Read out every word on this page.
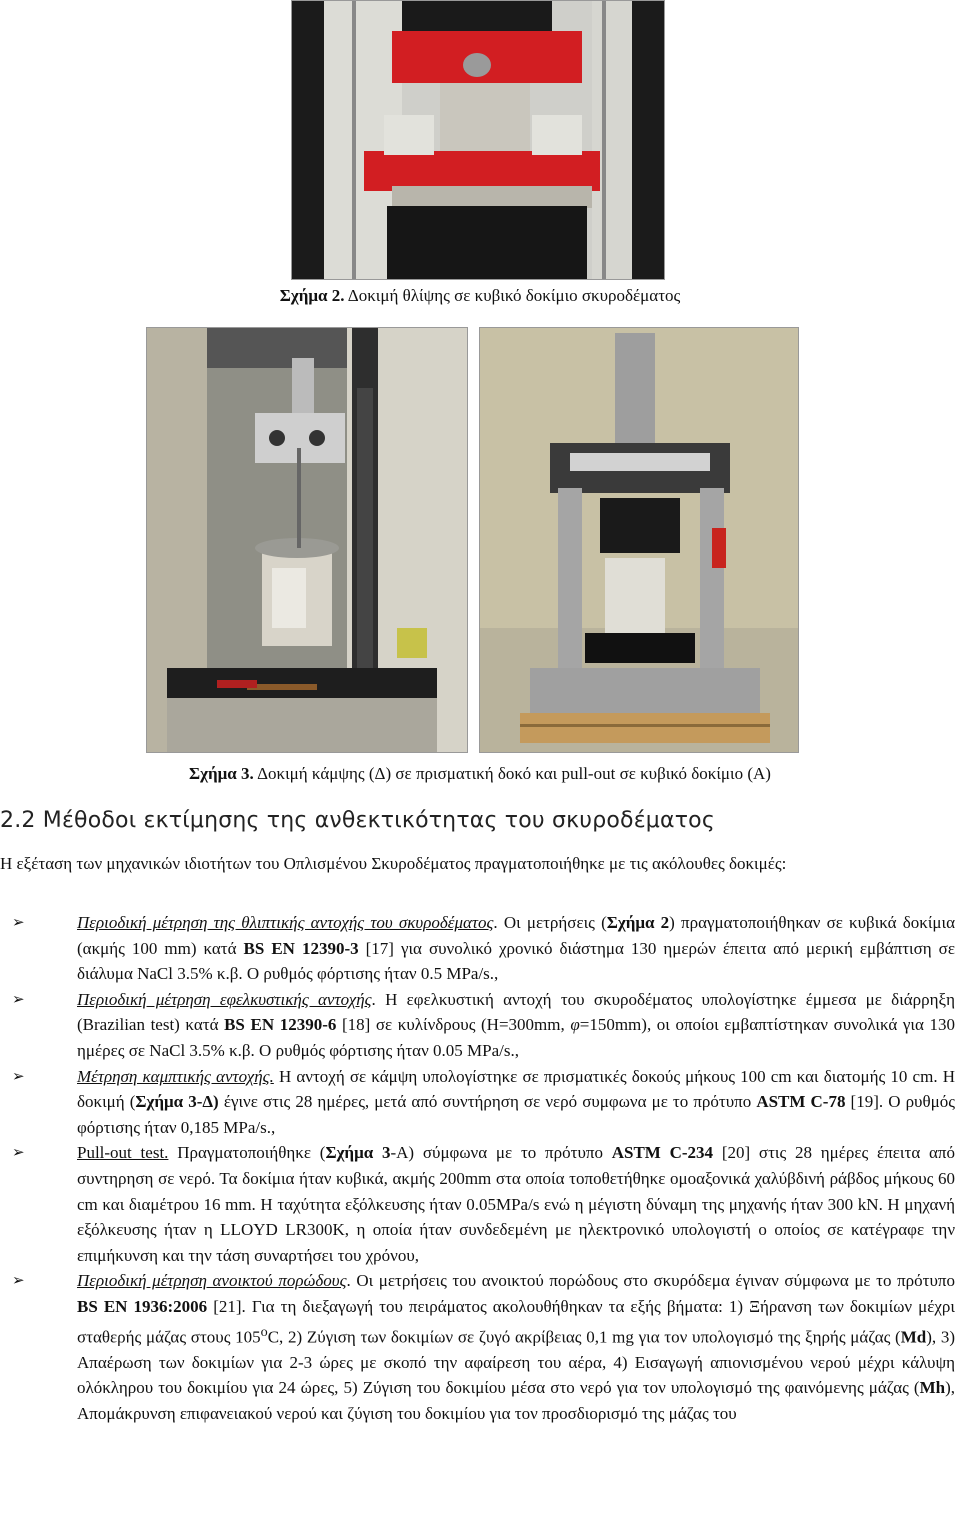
Σχήμα 2. Δοκιμή θλίψης σε κυβικό δοκίμιο σκυροδέματος
Σχήμα 3. Δοκιμή κάμψης (Δ) σε πρισματική δοκό και pull-out σε κυβικό δοκίμιο (Α)
2.2 Μέθοδοι εκτίμησης της ανθεκτικότητας του σκυροδέματος
Η εξέταση των μηχανικών ιδιοτήτων του Οπλισμένου Σκυροδέματος πραγματοποιήθηκε με τις ακόλουθες δοκιμές:
➢	Περιοδική μέτρηση της θλιπτικής αντοχής του σκυροδέματος. Οι μετρήσεις (Σχήμα 2) πραγματοποιήθηκαν σε κυβικά δοκίμια (ακμής 100 mm) κατά BS EN 12390-3 [17] για συνολικό χρονικό διάστημα 130 ημερών έπειτα από μερική εμβάπτιση σε διάλυμα NaCl 3.5% κ.β. Ο ρυθμός φόρτισης ήταν 0.5 MPa/s.,
➢	Περιοδική μέτρηση εφελκυστικής αντοχής. Η εφελκυστική αντοχή του σκυροδέματος υπολογίστηκε έμμεσα με διάρρηξη (Brazilian test) κατά BS EN 12390-6 [18] σε κυλίνδρους (Η=300mm, φ=150mm), οι οποίοι εμβαπτίστηκαν συνολικά για 130 ημέρες σε NaCl 3.5% κ.β. Ο ρυθμός φόρτισης ήταν 0.05 MPa/s.,
➢	Μέτρηση καμπτικής αντοχής. Η αντοχή σε κάμψη υπολογίστηκε σε πρισματικές δοκούς μήκους 100 cm και διατομής 10 cm. Η δοκιμή (Σχήμα 3-Δ) έγινε στις 28 ημέρες, μετά από συντήρηση σε νερό συμφωνα με το πρότυπο ASTM C-78 [19]. Ο ρυθμός φόρτισης ήταν 0,185 MPa/s.,
➢	Pull-out test. Πραγματοποιήθηκε (Σχήμα 3-Α) σύμφωνα με το πρότυπο ASTM C-234 [20] στις 28 ημέρες έπειτα από συντηρηση σε νερό. Τα δοκίμια ήταν κυβικά, ακμής 200mm στα οποία τοποθετήθηκε ομοαξονικά χαλύβδινή ράβδος μήκους 60 cm και διαμέτρου 16 mm. Η ταχύτητα εξόλκευσης ήταν 0.05MPa/s ενώ η μέγιστη δύναμη της μηχανής ήταν 300 kN. Η μηχανή εξόλκευσης ήταν η LLOYD LR300K, η οποία ήταν συνδεδεμένη με ηλεκτρονικό υπολογιστή ο οποίος σε κατέγραφε την επιμήκυνση και την τάση συναρτήσει του χρόνου,
➢	Περιοδική μέτρηση ανοικτού πορώδους. Οι μετρήσεις του ανοικτού πορώδους στο σκυρόδεμα έγιναν σύμφωνα με το πρότυπο BS EN 1936:2006 [21]. Για τη διεξαγωγή του πειράματος ακολουθήθηκαν τα εξής βήματα: 1) Ξήρανση των δοκιμίων μέχρι σταθερής μάζας στους 105$^o$C, 2) Ζύγιση των δοκιμίων σε ζυγό ακρίβειας 0,1 mg για τον υπολογισμό της ξηρής μάζας (Md), 3) Απαέρωση των δοκιμίων για 2-3 ώρες με σκοπό την αφαίρεση του αέρα, 4) Εισαγωγή απιονισμένου νερού μέχρι κάλυψη ολόκληρου του δοκιμίου για 24 ώρες, 5) Ζύγιση του δοκιμίου μέσα στο νερό για τον υπολογισμό της φαινόμενης μάζας (Mh), Απομάκρυνση επιφανειακού νερού και ζύγιση του δοκιμίου για τον προσδιορισμό της μάζας του
